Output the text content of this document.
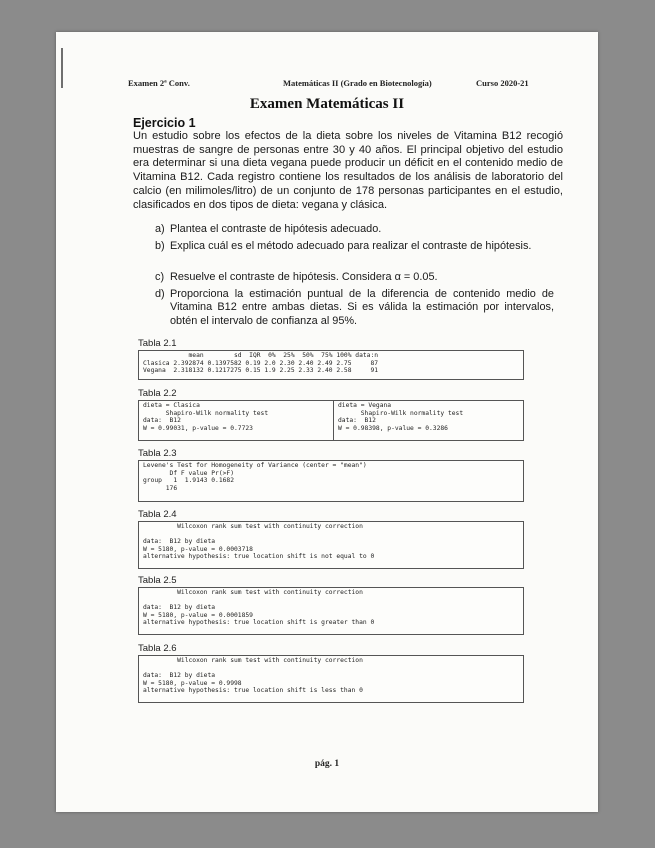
Examen 2ª Conv.	Matemáticas II (Grado en Biotecnología)	Curso 2020-21
Examen Matemáticas II
Ejercicio 1

Un estudio sobre los efectos de la dieta sobre los niveles de Vitamina B12 recogió muestras de sangre de personas entre 30 y 40 años. El principal objetivo del estudio era determinar si una dieta vegana puede producir un déficit en el contenido medio de Vitamina B12. Cada registro contiene los resultados de los análisis de laboratorio del calcio (en milimoles/litro) de un conjunto de 178 personas participantes en el estudio, clasificados en dos tipos de dieta: vegana y clásica.

a) Plantea el contraste de hipótesis adecuado.
b) Explica cuál es el método adecuado para realizar el contraste de hipótesis.
c) Resuelve el contraste de hipótesis. Considera α = 0.05.
d) Proporciona la estimación puntual de la diferencia de contenido medio de Vitamina B12 entre ambas dietas. Si es válida la estimación por intervalos, obtén el intervalo de confianza al 95%.
Tabla 2.1
mean        sd  IQR  0%  25%  50%  75% 100% data:n
Clasica 2.392874 0.1397582 0.19 2.0 2.30 2.40 2.49 2.75     87
Vegana  2.318132 0.1217275 0.15 1.9 2.25 2.33 2.40 2.58     91
Tabla 2.2
dieta = Clasica
Shapiro-Wilk normality test
data:  B12
W = 0.99031, p-value = 0.7723
dieta = Vegana
Shapiro-Wilk normality test
data:  B12
W = 0.98398, p-value = 0.3286
Tabla 2.3
Levene's Test for Homogeneity of Variance (center = "mean")
Df F value Pr(>F)
group   1  1.9143 0.1682
176
Tabla 2.4
Wilcoxon rank sum test with continuity correction

data:  B12 by dieta
W = 5180, p-value = 0.0003718
alternative hypothesis: true location shift is not equal to 0
Tabla 2.5
Wilcoxon rank sum test with continuity correction

data:  B12 by dieta
W = 5180, p-value = 0.0001859
alternative hypothesis: true location shift is greater than 0
Tabla 2.6
Wilcoxon rank sum test with continuity correction

data:  B12 by dieta
W = 5180, p-value = 0.9998
alternative hypothesis: true location shift is less than 0
pág. 1
